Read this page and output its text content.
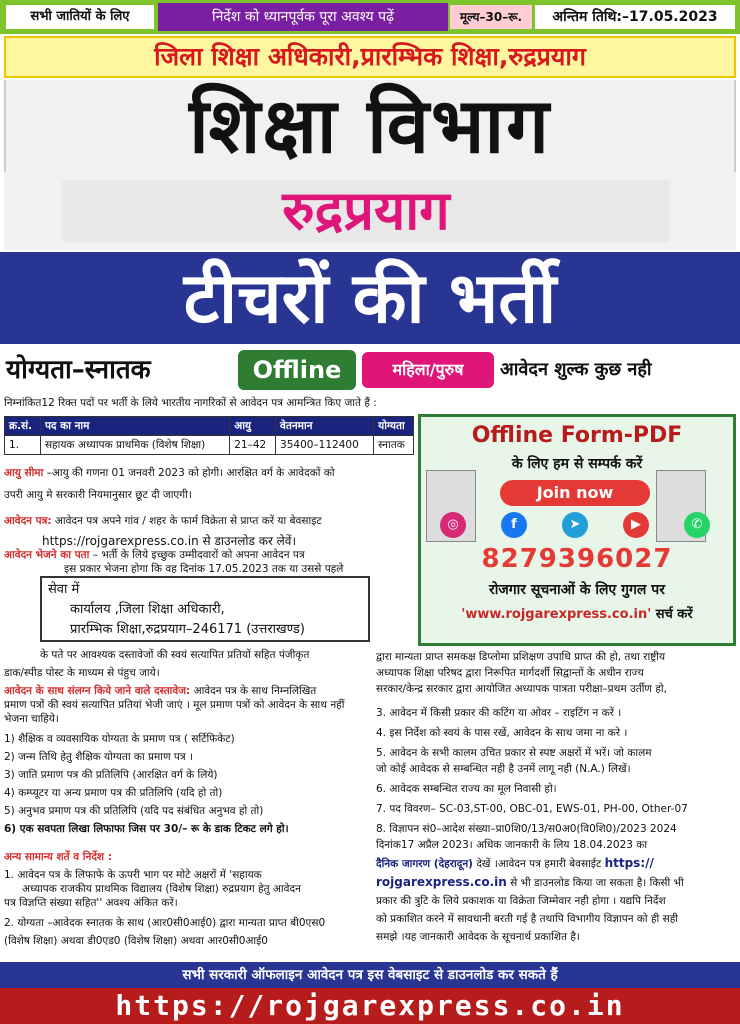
सभी जातियों के लिए	निर्देश को ध्यानपूर्वक पूरा अवश्य पढ़ें	मूल्य–30–रू.	अन्तिम तिथि:–17.05.2023
जिला शिक्षा अधिकारी,प्रारम्भिक शिक्षा,रुद्रप्रयाग
शिक्षा विभाग
रुद्रप्रयाग
टीचरों की भर्ती
योग्यता–स्नातक	Offline	महिला/पुरुष	आवेदन शुल्क कुछ नही
निम्नांकित12 रिक्त पदों पर भर्ती के लिये भारतीय नागरिकों से आवेदन पत्र आमन्त्रित किए जाते हैं :
क्र.सं.	पद का नाम	आयु	वेतनमान	योग्यता
1.	सहायक अध्यापक प्राथमिक (विशेष शिक्षा)	21–42	35400–112400	स्नातक
आयु सीमा –आयु की गणना 01 जनवरी 2023 को होगी। आरक्षित वर्ग के आवेदकों को
उपरी आयु मे सरकारी नियमानुसार छूट दी जाएगी।
आवेदन पत्र: आवेदन पत्र अपने गांव / शहर के फार्म विक्रेता से प्राप्त करें या बेवसाइट
https://rojgarexpress.co.in से डाउनलोड कर लेवें।
आवेदन भेजने का पता – भर्ती के लिये इच्छुक उम्मीदवारों को अपना आवेदन पत्र
इस प्रकार भेजना होगा कि वह दिनांक 17.05.2023 तक या उससे पहले
सेवा में
कार्यालय ,जिला शिक्षा अधिकारी,
प्रारम्भिक शिक्षा,रुद्रप्रयाग–246171 (उत्तराखण्ड)
के पते पर आवश्यक दस्तावेजों की स्वयं सत्यापित प्रतियों सहित पंजीकृत
डाक/स्पीड पोस्ट के माध्यम से पंहुच जाये।
आवेदन के साथ संलग्न किये जाने वाले दस्तावेज: आवेदन पत्र के साथ निम्नलिखित
प्रमाण पत्रों की स्वयं सत्यापित प्रतियां भेजी जाएं । मूल प्रमाण पत्रों को आवेदन के साथ नहीं
भेजना चाहिये।
1) शैक्षिक व व्यवसायिक योग्यता के प्रमाण पत्र ( सर्टिफिकेट)
2) जन्म तिथि हेतु शैक्षिक योग्यता का प्रमाण पत्र ।
3) जाति प्रमाण पत्र की प्रतिलिपि (आरक्षित वर्ग के लिये)
4) कम्प्यूटर या अन्य प्रमाण पत्र की प्रतिलिपि (यदि हो तो)
5) अनुभव प्रमाण पत्र की प्रतिलिपि (यदि पद संबंधित अनुभव हो तो)
6) एक सवपता लिखा लिफाफा जिस पर 30/– रू के डाक टिकट लगे हो।
अन्य सामान्य शर्ते व निर्देश :
1. आवेदन पत्र के लिफाफे के ऊपरी भाग पर मोटे अक्षरों में 'सहायक
अध्यापक राजकीय प्राथमिक विद्यालय (विशेष शिक्षा) रुद्रप्रयाग हेतु आवेदन
पत्र विज्ञप्ति संख्या सहित'' अवश्य अंकित करें।
2. योग्यता –आवेदक स्नातक के साथ (आर0सी0आई0) द्वारा मान्यता प्राप्त बी0एस0
(विशेष शिक्षा) अथवा डी0एड0 (विशेष शिक्षा) अथवा आर0सी0आई0
Offline Form-PDF
के लिए हम से सम्पर्क करें
Join now
◎	f	➤	▶	✆
8279396027
रोजगार सूचनाओं के लिए गुगल पर
'www.rojgarexpress.co.in' सर्च करें
द्वारा मान्यता प्राप्त समकक्ष डिप्लोमा प्रशिक्षण उपाधि प्राप्त की हो, तथा राष्ट्रीय
अध्यापक शिक्षा परिषद द्वारा निरूपित मार्गदर्शी सिद्वान्तों के अधीन राज्य
सरकार/केन्द्र सरकार द्वारा आयोजित अध्यापक पात्रता परीक्षा–प्रथम उर्तीण हो,
3. आवेदन में किसी प्रकार की कटिंग या ओवर – राइटिंग न करें ।
4. इस निर्देश को स्वयं के पास रखें, आवेदन के साथ जमा ना करे ।
5. आवेदन के सभी कालम उचित प्रकार से स्पष्ट अक्षरों में भरें। जो कालम
जो कोई आवेदक से सम्बन्धित नही है उनमें लागू नही (N.A.) लिखें।
6. आवेदक सम्बन्धित राज्य का मूल निवासी हो।
7. पद विवरण– SC-03,ST-00, OBC-01, EWS-01, PH-00, Other-07
8. विज्ञापन सं0–आदेश संख्या–प्रा0शि0/13/स0अ0(वि0शि0)/2023 2024
दिनांक17 अप्रैल 2023। अधिक जानकारी के लिय 18.04.2023 का
दैनिक जागरण (देहरादून) देखें ।आवेदन पत्र हमारी बेवसाईट https://
rojgarexpress.co.in से भी डाउनलोड किया जा सकता है। किसी भी
प्रकार की त्रुटि के लिये प्रकाशक या विक्रेता जिम्मेवार नही होगा । यद्यपि निर्देश
को प्रकाशित करने में सावधानी बरती गई है तथापि विभागीय विज्ञापन को ही सही
समझे ।यह जानकारी आवेदक के सूचनार्थ प्रकाशित है।
सभी सरकारी ऑफलाइन आवेदन पत्र इस वेबसाइट से डाउनलोड कर सकते हैं
https://rojgarexpress.co.in
